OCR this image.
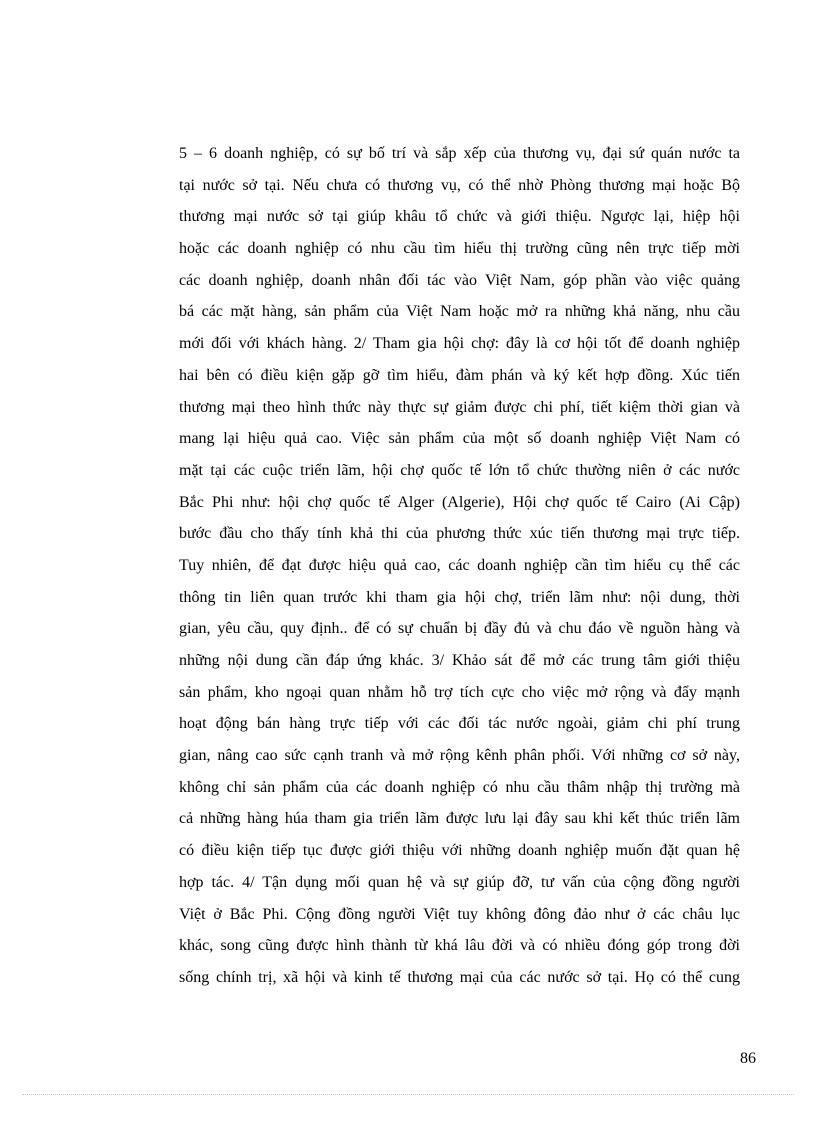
5 – 6 doanh nghiệp, có sự bố trí và sắp xếp của thương vụ, đại sứ quán nước ta
tại nước sở tại. Nếu chưa có thương vụ, có thể nhờ Phòng thương mại hoặc Bộ
thương mại nước sở tại giúp khâu tổ chức và giới thiệu. Ngược lại, hiệp hội
hoặc các doanh nghiệp có nhu cầu tìm hiểu thị trường cũng nên trực tiếp mời
các doanh nghiệp, doanh nhân đối tác vào Việt Nam, góp phần vào việc quảng
bá các mặt hàng, sản phẩm của Việt Nam hoặc mở ra những khả năng, nhu cầu
mới đối với khách hàng. 2/ Tham gia hội chợ: đây là cơ hội tốt để doanh nghiệp
hai bên có điều kiện gặp gỡ tìm hiểu, đàm phán và ký kết hợp đồng. Xúc tiến
thương mại theo hình thức này thực sự giảm được chi phí, tiết kiệm thời gian và
mang lại hiệu quả cao. Việc sản phẩm của một số doanh nghiệp Việt Nam có
mặt tại các cuộc triển lãm, hội chợ quốc tế lớn tổ chức thường niên ở các nước
Bắc Phi như: hội chợ quốc tế Alger (Algerie), Hội chợ quốc tế Cairo (Ai Cập)
bước đầu cho thấy tính khả thi của phương thức xúc tiến thương mại trực tiếp.
Tuy nhiên, để đạt được hiệu quả cao, các doanh nghiệp cần tìm hiểu cụ thể các
thông tin liên quan trước khi tham gia hội chợ, triển lãm như: nội dung, thời
gian, yêu cầu, quy định.. để có sự chuẩn bị đầy đủ và chu đáo về nguồn hàng và
những nội dung cần đáp ứng khác. 3/ Khảo sát để mở các trung tâm giới thiệu
sản phẩm, kho ngoại quan nhằm hỗ trợ tích cực cho việc mở rộng và đẩy mạnh
hoạt động bán hàng trực tiếp với các đối tác nước ngoài, giảm chi phí trung
gian, nâng cao sức cạnh tranh và mở rộng kênh phân phối. Với những cơ sở này,
không chỉ sản phẩm của các doanh nghiệp có nhu cầu thâm nhập thị trường mà
cả những hàng húa tham gia triển lãm được lưu lại đây sau khi kết thúc triển lãm
có điều kiện tiếp tục được giới thiệu với những doanh nghiệp muốn đặt quan hệ
hợp tác. 4/ Tận dụng mối quan hệ và sự giúp đỡ, tư vấn của cộng đồng người
Việt ở Bắc Phi. Cộng đồng người Việt tuy không đông đảo như ở các châu lục
khác, song cũng được hình thành từ khá lâu đời và có nhiều đóng góp trong đời
sống chính trị, xã hội và kinh tế thương mại của các nước sở tại. Họ có thể cung
86
